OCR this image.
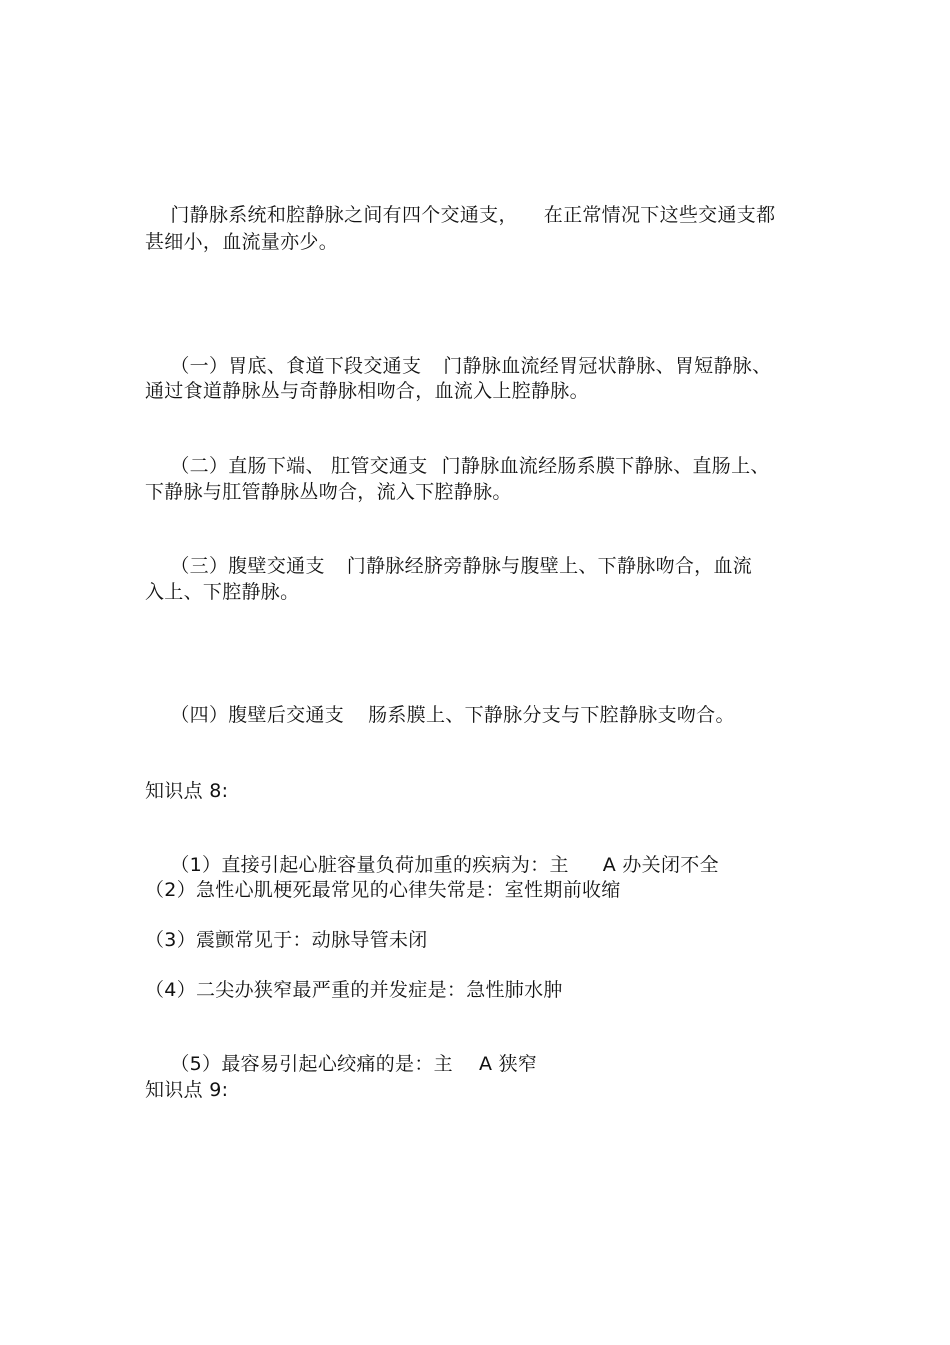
门静脉系统和腔静脉之间有四个交通支， 在正常情况下这些交通支都

甚细小，血流量亦少。

（一）胃底、食道下段交通支 门静脉血流经胃冠状静脉、胃短静脉、

通过食道静脉丛与奇静脉相吻合，血流入上腔静脉。

（二）直肠下端、 肛管交通支 门静脉血流经肠系膜下静脉、直肠上、

下静脉与肛管静脉丛吻合，流入下腔静脉。

（三）腹壁交通支 门静脉经脐旁静脉与腹壁上、下静脉吻合，血流

入上、下腔静脉。

（四）腹壁后交通支 肠系膜上、下静脉分支与下腔静脉支吻合。

知识点 8:

（1）直接引起心脏容量负荷加重的疾病为：主 A 办关闭不全

（2）急性心肌梗死最常见的心律失常是：室性期前收缩
（3）震颤常见于：动脉导管未闭
（4）二尖办狭窄最严重的并发症是：急性肺水肿

（5）最容易引起心绞痛的是：主 A 狭窄

知识点 9:
